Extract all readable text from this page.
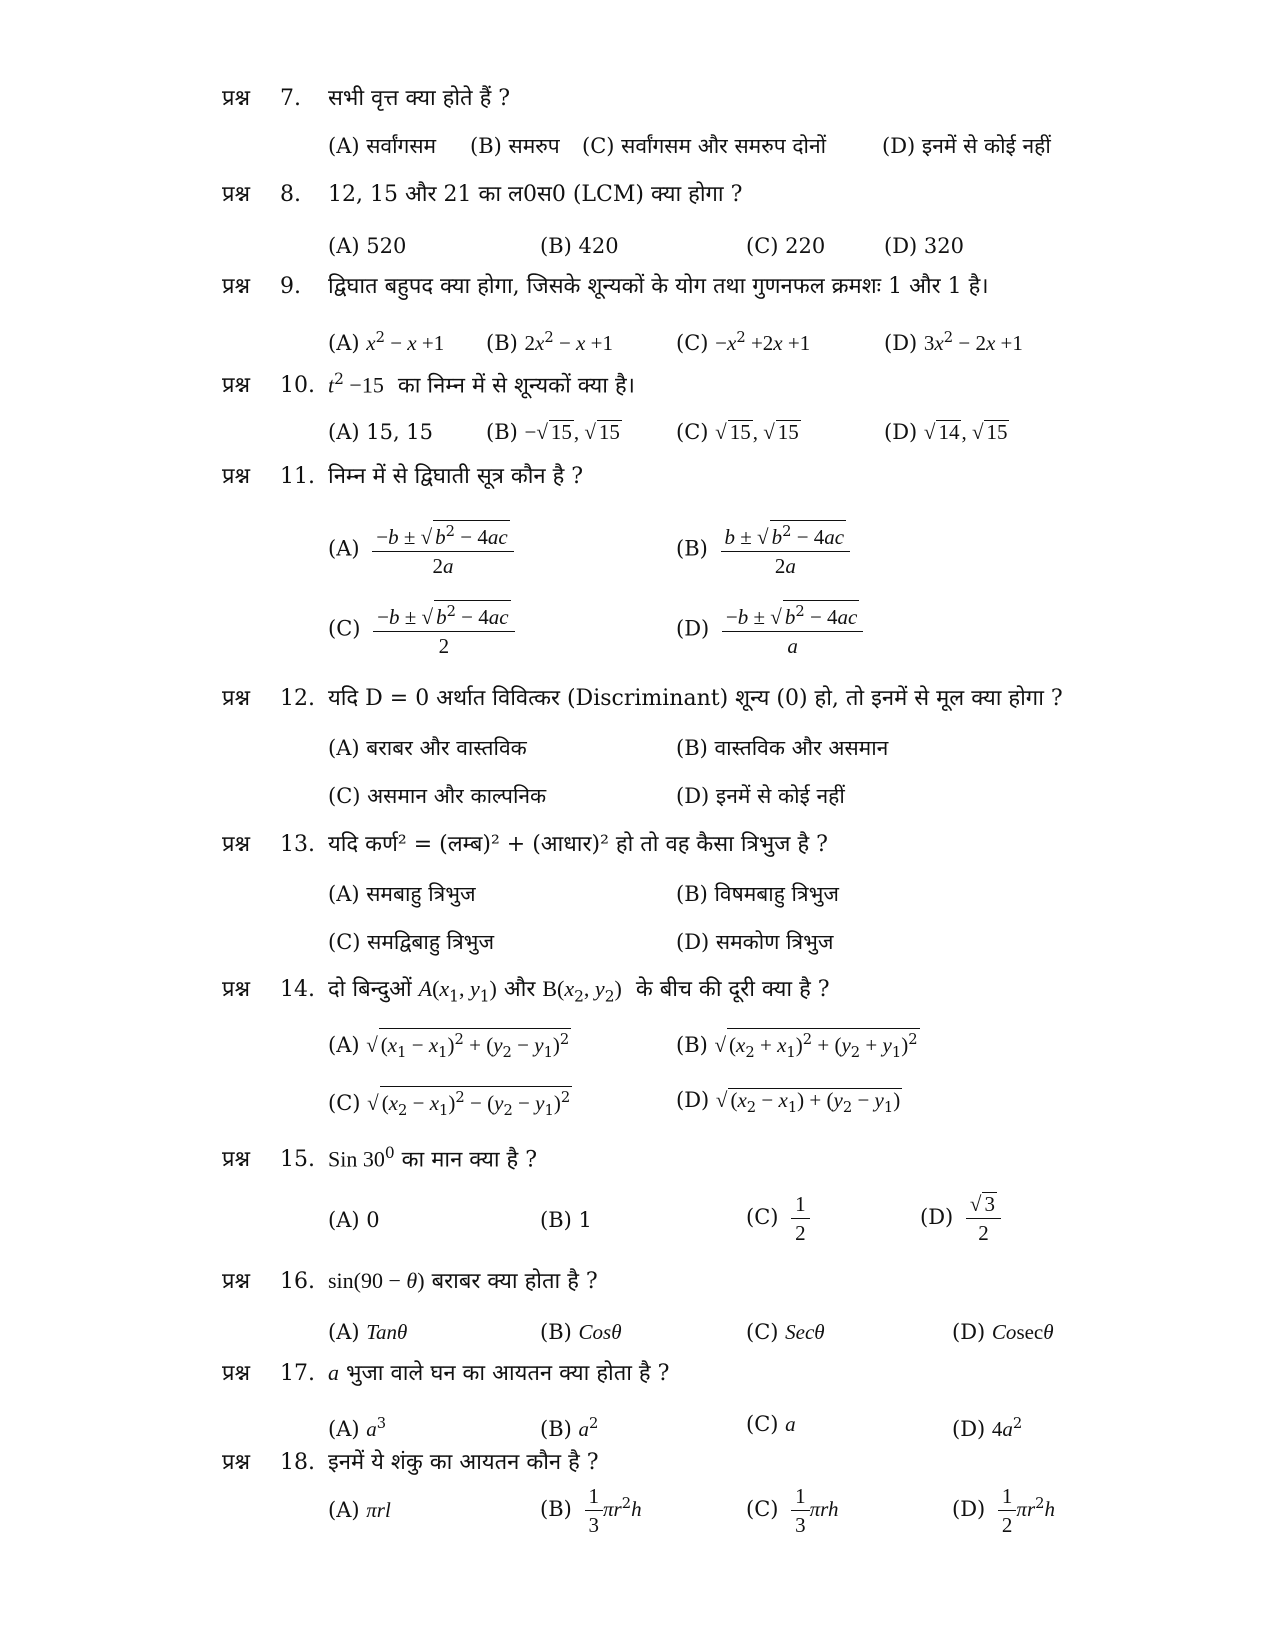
प्रश्न 7. सभी वृत्त क्या होते हैं ?
(A) सर्वांगसम (B) समरुप (C) सर्वांगसम और समरुप दोनों	(D) इनमें से कोई नहीं
प्रश्न 8. 12, 15 और 21 का ल0स0 (LCM) क्या होगा ?
(A) 520	(B) 420	(C) 220	(D) 320
प्रश्न 9. द्विघात बहुपद क्या होगा, जिसके शून्यकों के योग तथा गुणनफल क्रमशः 1 और 1 है।
(A) $x^2 - x +1$ (B) $2x^2 - x +1$	$(C) -x^2 +2x +1$	(D) $3x^2 - 2x +1$
प्रश्न 10. $t^2 -15$ का निम्न में से शून्यकों क्या है।
(A) 15, 15	(B) −√ 15, √ 15	(C) √ 15, √ 15	(D) √ 14, √ 15
प्रश्न 11. निम्न में से द्विघाती सूत्र कौन है ?
$(A) \frac{-b \pm √ b^2 - 4ac}{2a}$	$(B) \frac{b \pm √ b^2 - 4ac}{2a}$
$(C) \frac{-b \pm √ b^2 - 4ac}{2}$	$(D) \frac{-b \pm √ b^2 - 4ac}{a}$
प्रश्न 12. यदि D = 0 अर्थात विवित्कर (Discriminant) शून्य (0) हो, तो इनमें से मूल क्या होगा ?
(A) बराबर और वास्तविक	(B) वास्तविक और असमान
(C) असमान और काल्पनिक	(D) इनमें से कोई नहीं
प्रश्न 13. यदि कर्ण² = (लम्ब)² + (आधार)² हो तो वह कैसा त्रिभुज है ?
(A) समबाहु त्रिभुज	(B) विषमबाहु त्रिभुज
(C) समद्विबाहु त्रिभुज	(D) समकोण त्रिभुज
प्रश्न 14. दो बिन्दुओं $A(x_1$, $y_1$) और $B(x_2$, $y_2$) के बीच की दूरी क्या है ?
(A) √ $(x_1 - x_1)^2 + (y_2 - y_1)^2$	(B) √ $(x_2 + x_1)^2 + (y_2 + y_1)^2$
(C) √ $(x_2 - x_1)^2 - (y_2 - y_1)^2$	(D) √ $(x_2 - x_1) + (y_2 - y_1)$
प्रश्न 15. Sin $30^0$ का मान क्या है ?
(A) 0	(B) 1	$(C) \frac{1}{2}$	$(D) \frac{√ 3}{2}$
प्रश्न 16. sin(90 − θ) बराबर क्या होता है ?
(A) Tanθ	(B) Cosθ	(C) Secθ	(D) Cosecθ
प्रश्न 17. a भुजा वाले घन का आयतन क्या होता है ?
(A) $a^3$	(B) $a^2$	(C) a	(D) $4a^2$
प्रश्न 18. इनमें ये शंकु का आयतन कौन है ?
(A) πrl	$(B) \frac{1}{3} \pi r^2h$	$(C) \frac{1}{3}$ πrh	$(D) \frac{1}{2} \pi r^2h$
